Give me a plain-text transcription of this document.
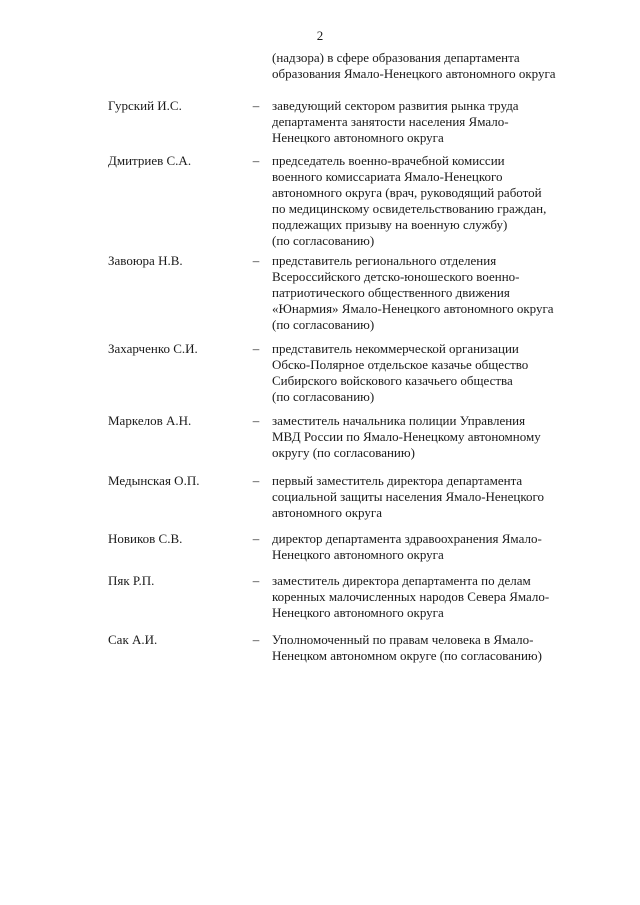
2
(надзора) в сфере образования департамента
образования Ямало-Ненецкого автономного округа
Гурский И.С.	– заведующий сектором развития рынка труда
департамента занятости населения Ямало-
Ненецкого автономного округа
Дмитриев С.А.	– председатель военно-врачебной комиссии
военного комиссариата Ямало-Ненецкого
автономного округа (врач, руководящий работой
по медицинскому освидетельствованию граждан,
подлежащих призыву на военную службу)
(по согласованию)
Завоюра Н.В.	– представитель регионального отделения
Всероссийского детско-юношеского военно-
патриотического общественного движения
«Юнармия» Ямало-Ненецкого автономного округа
(по согласованию)
Захарченко С.И.	– представитель некоммерческой организации
Обско-Полярное отдельское казачье общество
Сибирского войскового казачьего общества
(по согласованию)
Маркелов А.Н.	– заместитель начальника полиции Управления
МВД России по Ямало-Ненецкому автономному
округу (по согласованию)
Медынская О.П.	– первый заместитель директора департамента
социальной защиты населения Ямало-Ненецкого
автономного округа
Новиков С.В.	– директор департамента здравоохранения Ямало-
Ненецкого автономного округа
Пяк Р.П.	– заместитель директора департамента по делам
коренных малочисленных народов Севера Ямало-
Ненецкого автономного округа
Сак А.И.	– Уполномоченный по правам человека в Ямало-
Ненецком автономном округе (по согласованию)
